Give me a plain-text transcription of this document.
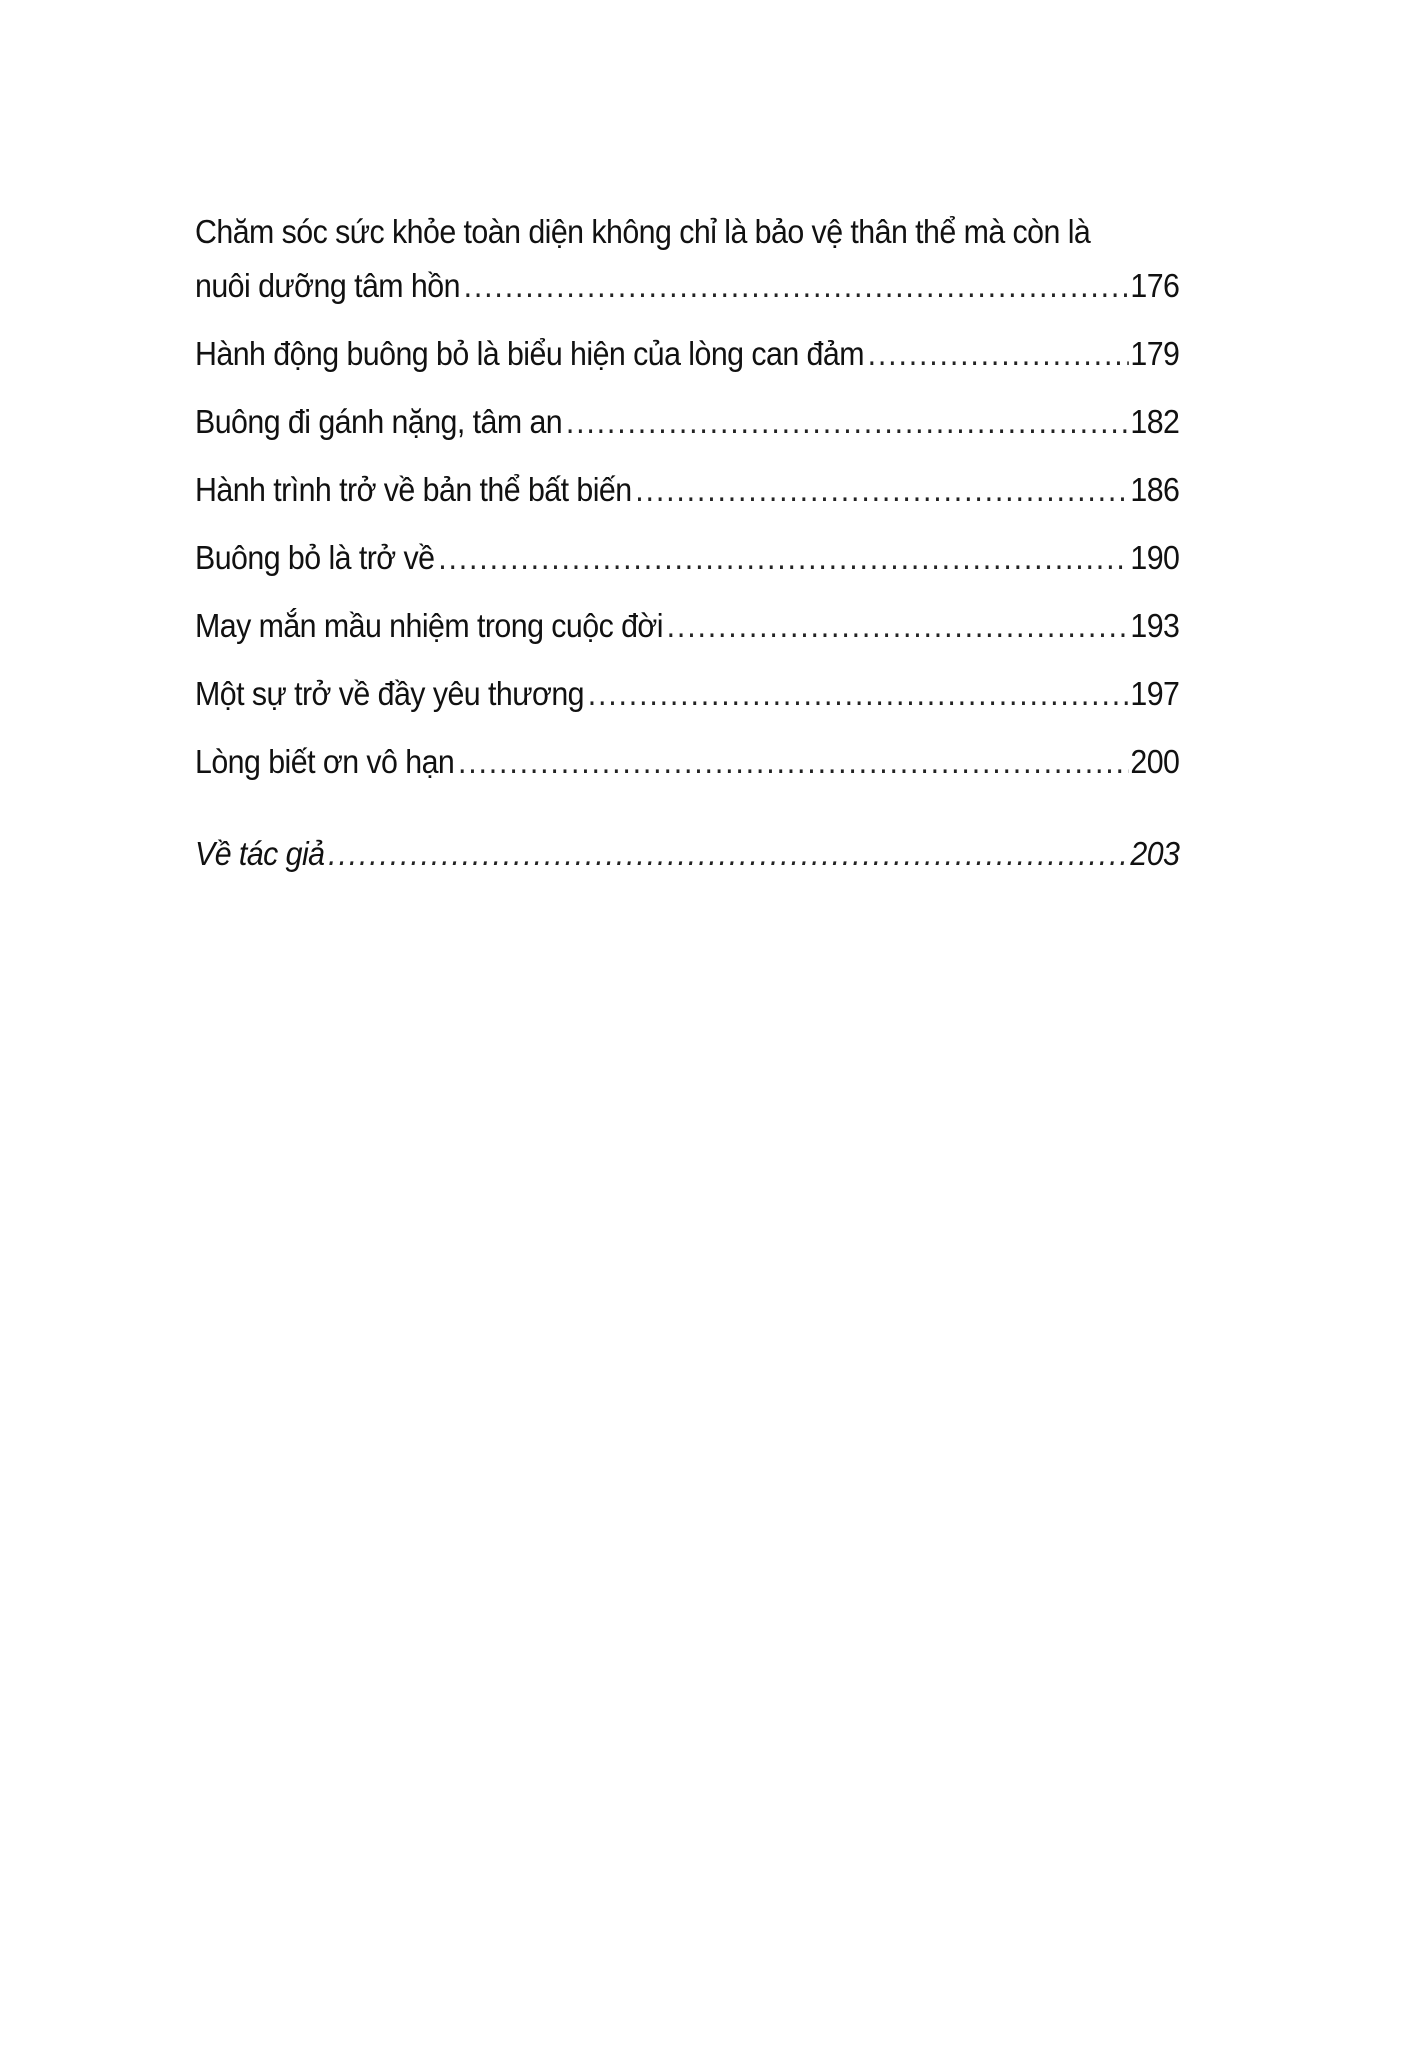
Chăm sóc sức khỏe toàn diện không chỉ là bảo vệ thân thể mà còn là
nuôi dưỡng tâm hồn .....	176
Hành động buông bỏ là biểu hiện của lòng can đảm .....	179
Buông đi gánh nặng, tâm an .....	182
Hành trình trở về bản thể bất biến .....	186
Buông bỏ là trở về .....	190
May mắn mầu nhiệm trong cuộc đời .....	193
Một sự trở về đầy yêu thương .....	197
Lòng biết ơn vô hạn .....	200
Về tác giả .....	203
